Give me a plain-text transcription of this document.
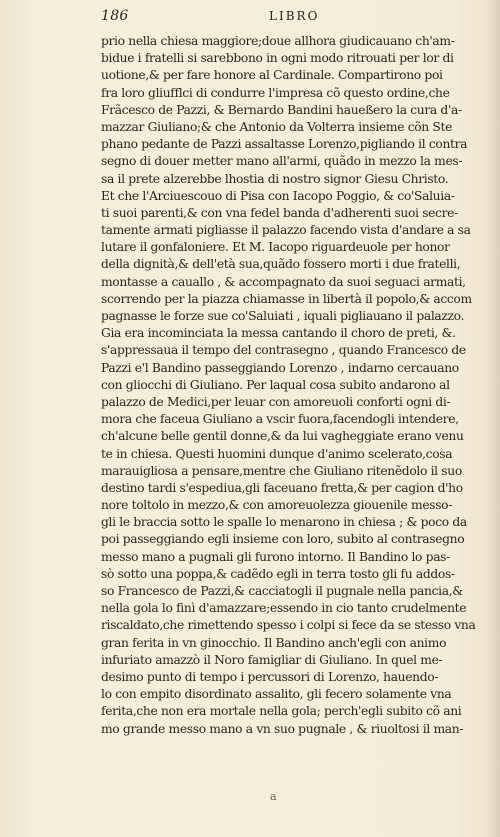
186	LIBRO
prio nella chiesa maggiore;doue allhora giudicauano ch'am-
bidue i fratelli si sarebbono in ogni modo ritrouati per lor di
uotione,& per fare honore al Cardinale. Compartirono poi
fra loro gliufflci di condurre l'impresa cõ questo ordine,che
Frãcesco de Pazzi, & Bernardo Bandini haueßero la cura d'a-
mazzar Giuliano;& che Antonio da Volterra insieme cõn Ste
phano pedante de Pazzi assaltasse Lorenzo,pigliando il contra
segno di douer metter mano all'armi, quãdo in mezzo la mes-
sa il prete alzerebbe lhostia di nostro signor Giesu Christo.
Et che l'Arciuescouo di Pisa con Iacopo Poggio, & co'Saluia-
ti suoi parenti,& con vna fedel banda d'adherenti suoi secre-
tamente armati pigliasse il palazzo facendo vista d'andare a sa
lutare il gonfaloniere. Et M. Iacopo riguardeuole per honor
della dignità,& dell'età sua,quãdo fossero morti i due fratelli,
montasse a cauallo , & accompagnato da suoi seguaci armati,
scorrendo per la piazza chiamasse in libertà il popolo,& accom
pagnasse le forze sue co'Saluiati , iquali pigliauano il palazzo.
Gia era incominciata la messa cantando il choro de preti, &.
s'appressaua il tempo del contrasegno , quando Francesco de
Pazzi e'l Bandino passeggiando Lorenzo , indarno cercauano
con gliocchi di Giuliano. Per laqual cosa subito andarono al
palazzo de Medici,per leuar con amoreuoli conforti ogni di-
mora che faceua Giuliano a vscir fuora,facendogli intendere,
ch'alcune belle gentil donne,& da lui vagheggiate erano venu
te in chiesa. Questi huomini dunque d'animo scelerato,cosa
marauigliosa a pensare,mentre che Giuliano ritenẽdolo il suo
destino tardi s'espediua,gli faceuano fretta,& per cagion d'ho
nore toltolo in mezzo,& con amoreuolezza giouenile messo-
gli le braccia sotto le spalle lo menarono in chiesa ; & poco da
poi passeggiando egli insieme con loro, subito al contrasegno
messo mano a pugnali gli furono intorno. Il Bandino lo pas-
sò sotto una poppa,& cadẽdo egli in terra tosto gli fu addos-
so Francesco de Pazzi,& cacciatogli il pugnale nella pancia,&
nella gola lo finì d'amazzare;essendo in cio tanto crudelmente
riscaldato,che rimettendo spesso i colpi si fece da se stesso vna
gran ferita in vn ginocchio. Il Bandino anch'egli con animo
infuriato amazzò il Noro famigliar di Giuliano. In quel me-
desimo punto di tempo i percussori di Lorenzo, hauendo-
lo con empito disordinato assalito, gli fecero solamente vna
ferita,che non era mortale nella gola; perch'egli subito cõ ani
mo grande messo mano a vn suo pugnale , & riuoltosi il man-
a
